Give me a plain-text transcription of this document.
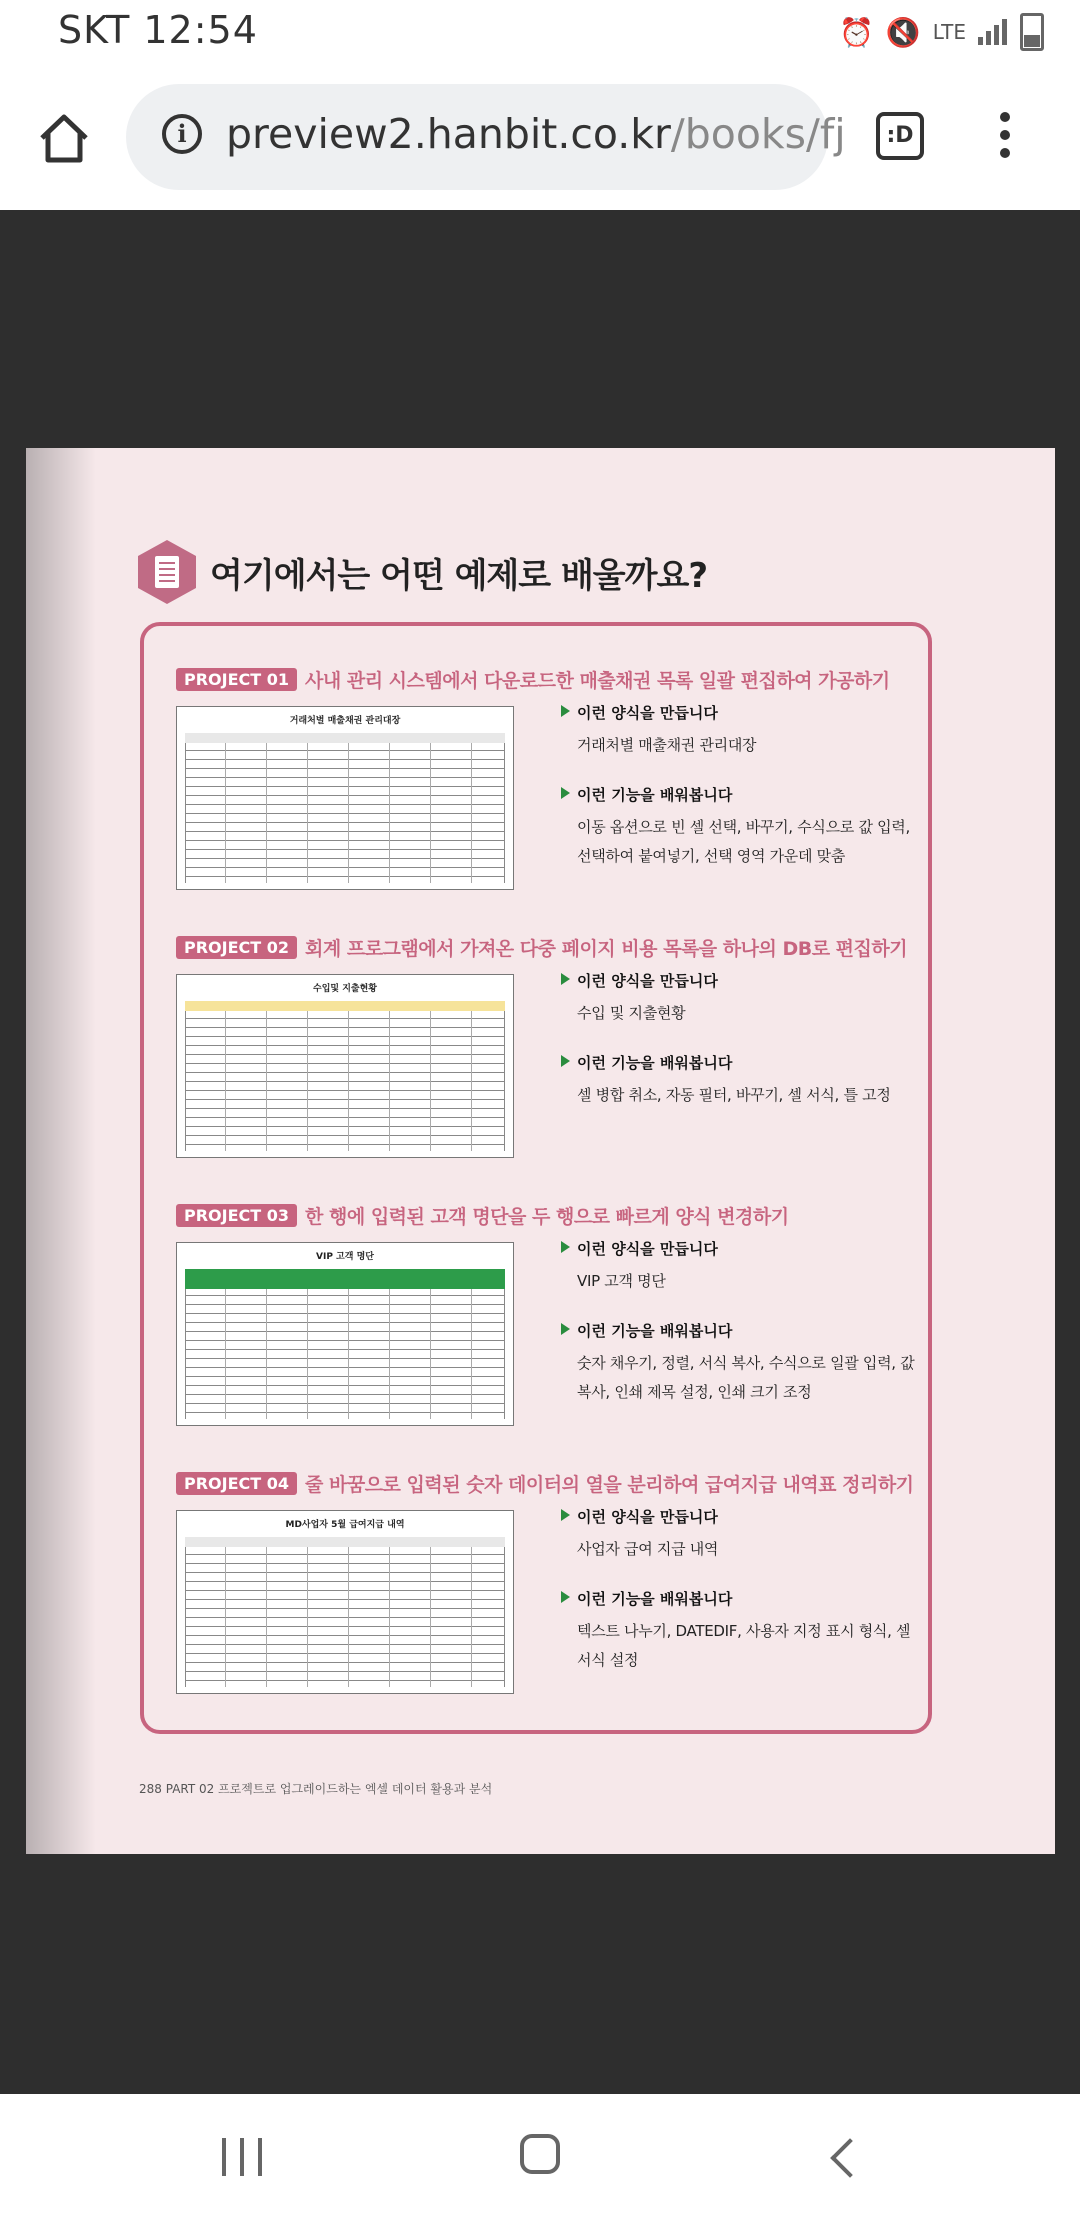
SKT 12:54	⏰ 🔇 LTE
i preview2.hanbit.co.kr/books/fj	:D
여기에서는 어떤 예제로 배울까요?
PROJECT 01 사내 관리 시스템에서 다운로드한 매출채권 목록 일괄 편집하여 가공하기
거래처별 매출채권 관리대장	이런 양식을 만듭니다
거래처별 매출채권 관리대장
이런 기능을 배워봅니다
이동 옵션으로 빈 셀 선택, 바꾸기, 수식으로 값 입력, 선택하여 붙여넣기, 선택 영역 가운데 맞춤
PROJECT 02 회계 프로그램에서 가져온 다중 페이지 비용 목록을 하나의 DB로 편집하기
수입및 지출현황	이런 양식을 만듭니다
수입 및 지출현황
이런 기능을 배워봅니다
셀 병합 취소, 자동 필터, 바꾸기, 셀 서식, 틀 고정
PROJECT 03 한 행에 입력된 고객 명단을 두 행으로 빠르게 양식 변경하기
VIP 고객 명단	이런 양식을 만듭니다
VIP 고객 명단
이런 기능을 배워봅니다
숫자 채우기, 정렬, 서식 복사, 수식으로 일괄 입력, 값 복사, 인쇄 제목 설정, 인쇄 크기 조정
PROJECT 04 줄 바꿈으로 입력된 숫자 데이터의 열을 분리하여 급여지급 내역표 정리하기
MD사업자 5월 급여지급 내역	이런 양식을 만듭니다
사업자 급여 지급 내역
이런 기능을 배워봅니다
텍스트 나누기, DATEDIF, 사용자 지정 표시 형식, 셀 서식 설정
288 PART 02 프로젝트로 업그레이드하는 엑셀 데이터 활용과 분석
